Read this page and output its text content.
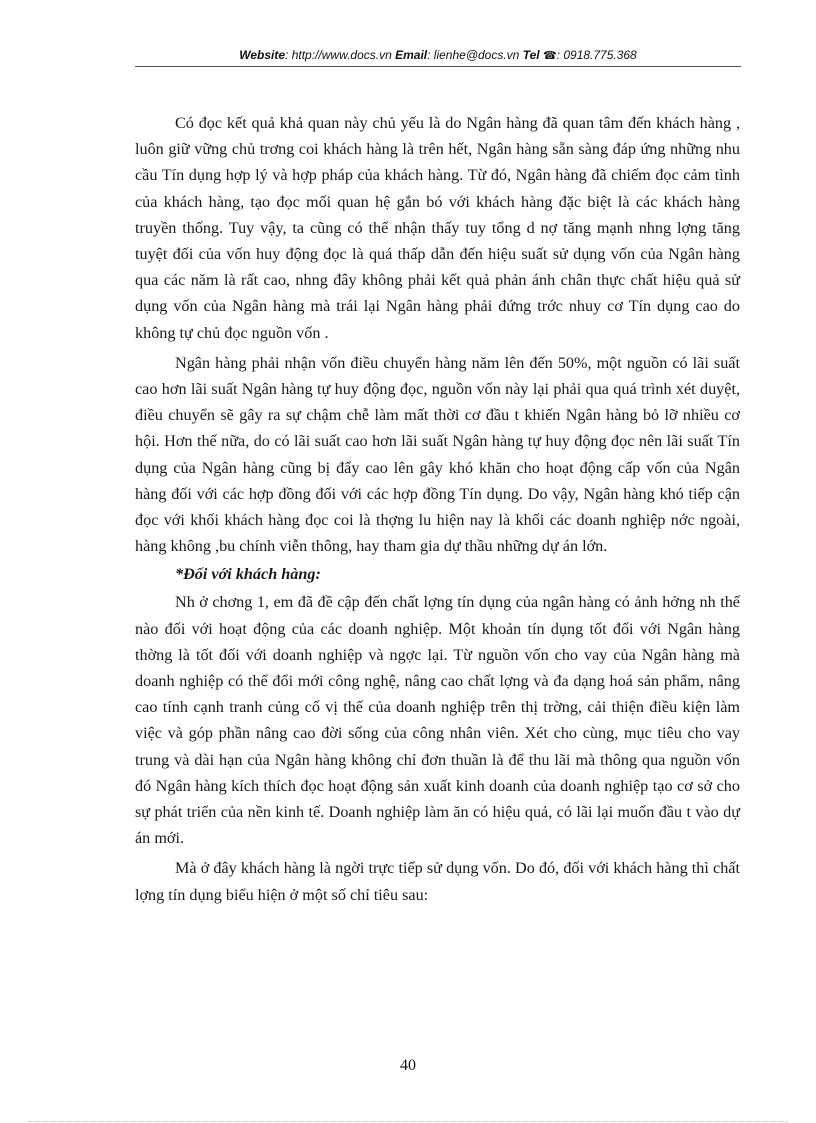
Website: http://www.docs.vn Email: lienhe@docs.vn Tel ☎: 0918.775.368

Có đọc kết quả khả quan này chủ yếu là do Ngân hàng đã quan tâm đến khách hàng , luôn giữ vững chủ trơng coi khách hàng là trên hết, Ngân hàng sẵn sàng đáp ứng những nhu cầu Tín dụng hợp lý và hợp pháp của khách hàng. Từ đó, Ngân hàng đã chiếm đọc cảm tình của khách hàng, tạo đọc mối quan hệ gắn bó với khách hàng đặc biệt là các khách hàng truyền thống. Tuy vậy, ta cũng có thể nhận thấy tuy tổng d nợ tăng mạnh nhng lợng tăng tuyệt đối của vốn huy động đọc là quá thấp dẫn đến hiệu suất sử dụng vốn của Ngân hàng qua các năm là rất cao, nhng đây không phải kết quả phản ánh chân thực chất hiệu quả sử dụng vốn của Ngân hàng mà trái lại Ngân hàng phải đứng trớc nhuy cơ Tín dụng cao do không tự chủ đọc nguồn vốn .

Ngân hàng phải nhận vốn điều chuyển hàng năm lên đến 50%, một nguồn có lãi suất cao hơn lãi suất Ngân hàng tự huy động đọc, nguồn vốn này lại phải qua quá trình xét duyệt, điều chuyển sẽ gây ra sự chậm chễ làm mất thời cơ đầu t khiến Ngân hàng bỏ lỡ nhiều cơ hội. Hơn thế nữa, do có lãi suất cao hơn lãi suất Ngân hàng tự huy động đọc nên lãi suất Tín dụng của Ngân hàng cũng bị đẩy cao lên gây khó khăn cho hoạt động cấp vốn của Ngân hàng đối với các hợp đồng đối với các hợp đồng Tín dụng. Do vậy, Ngân hàng khó tiếp cận đọc với khối khách hàng đọc coi là thợng lu hiện nay là khối các doanh nghiệp nớc ngoài, hàng không ,bu chính viễn thông, hay tham gia dự thầu những dự án lớn.

*Đối với khách hàng:

Nh ở chơng 1, em đã đề cập đến chất lợng tín dụng của ngân hàng có ảnh hởng nh thế nào đối với hoạt động của các doanh nghiệp. Một khoản tín dụng tốt đối với Ngân hàng thờng là tốt đối với doanh nghiệp và ngợc lại. Từ nguồn vốn cho vay của Ngân hàng mà doanh nghiệp có thể đổi mới công nghệ, nâng cao chất lợng và đa dạng hoá sản phẩm, nâng cao tính cạnh tranh củng cố vị thế của doanh nghiệp trên thị trờng, cải thiện điều kiện làm việc và góp phần nâng cao đời sống của công nhân viên. Xét cho cùng, mục tiêu cho vay trung và dài hạn của Ngân hàng không chỉ đơn thuần là để thu lãi mà thông qua nguồn vốn đó Ngân hàng kích thích đọc hoạt động sản xuất kinh doanh của doanh nghiệp tạo cơ sở cho sự phát triển của nền kinh tế. Doanh nghiệp làm ăn có hiệu quả, có lãi lại muốn đầu t vào dự án mới.

Mà ở đây khách hàng là ngời trực tiếp sử dụng vốn. Do đó, đối với khách hàng thì chất lợng tín dụng biểu hiện ở một số chỉ tiêu sau:

40
